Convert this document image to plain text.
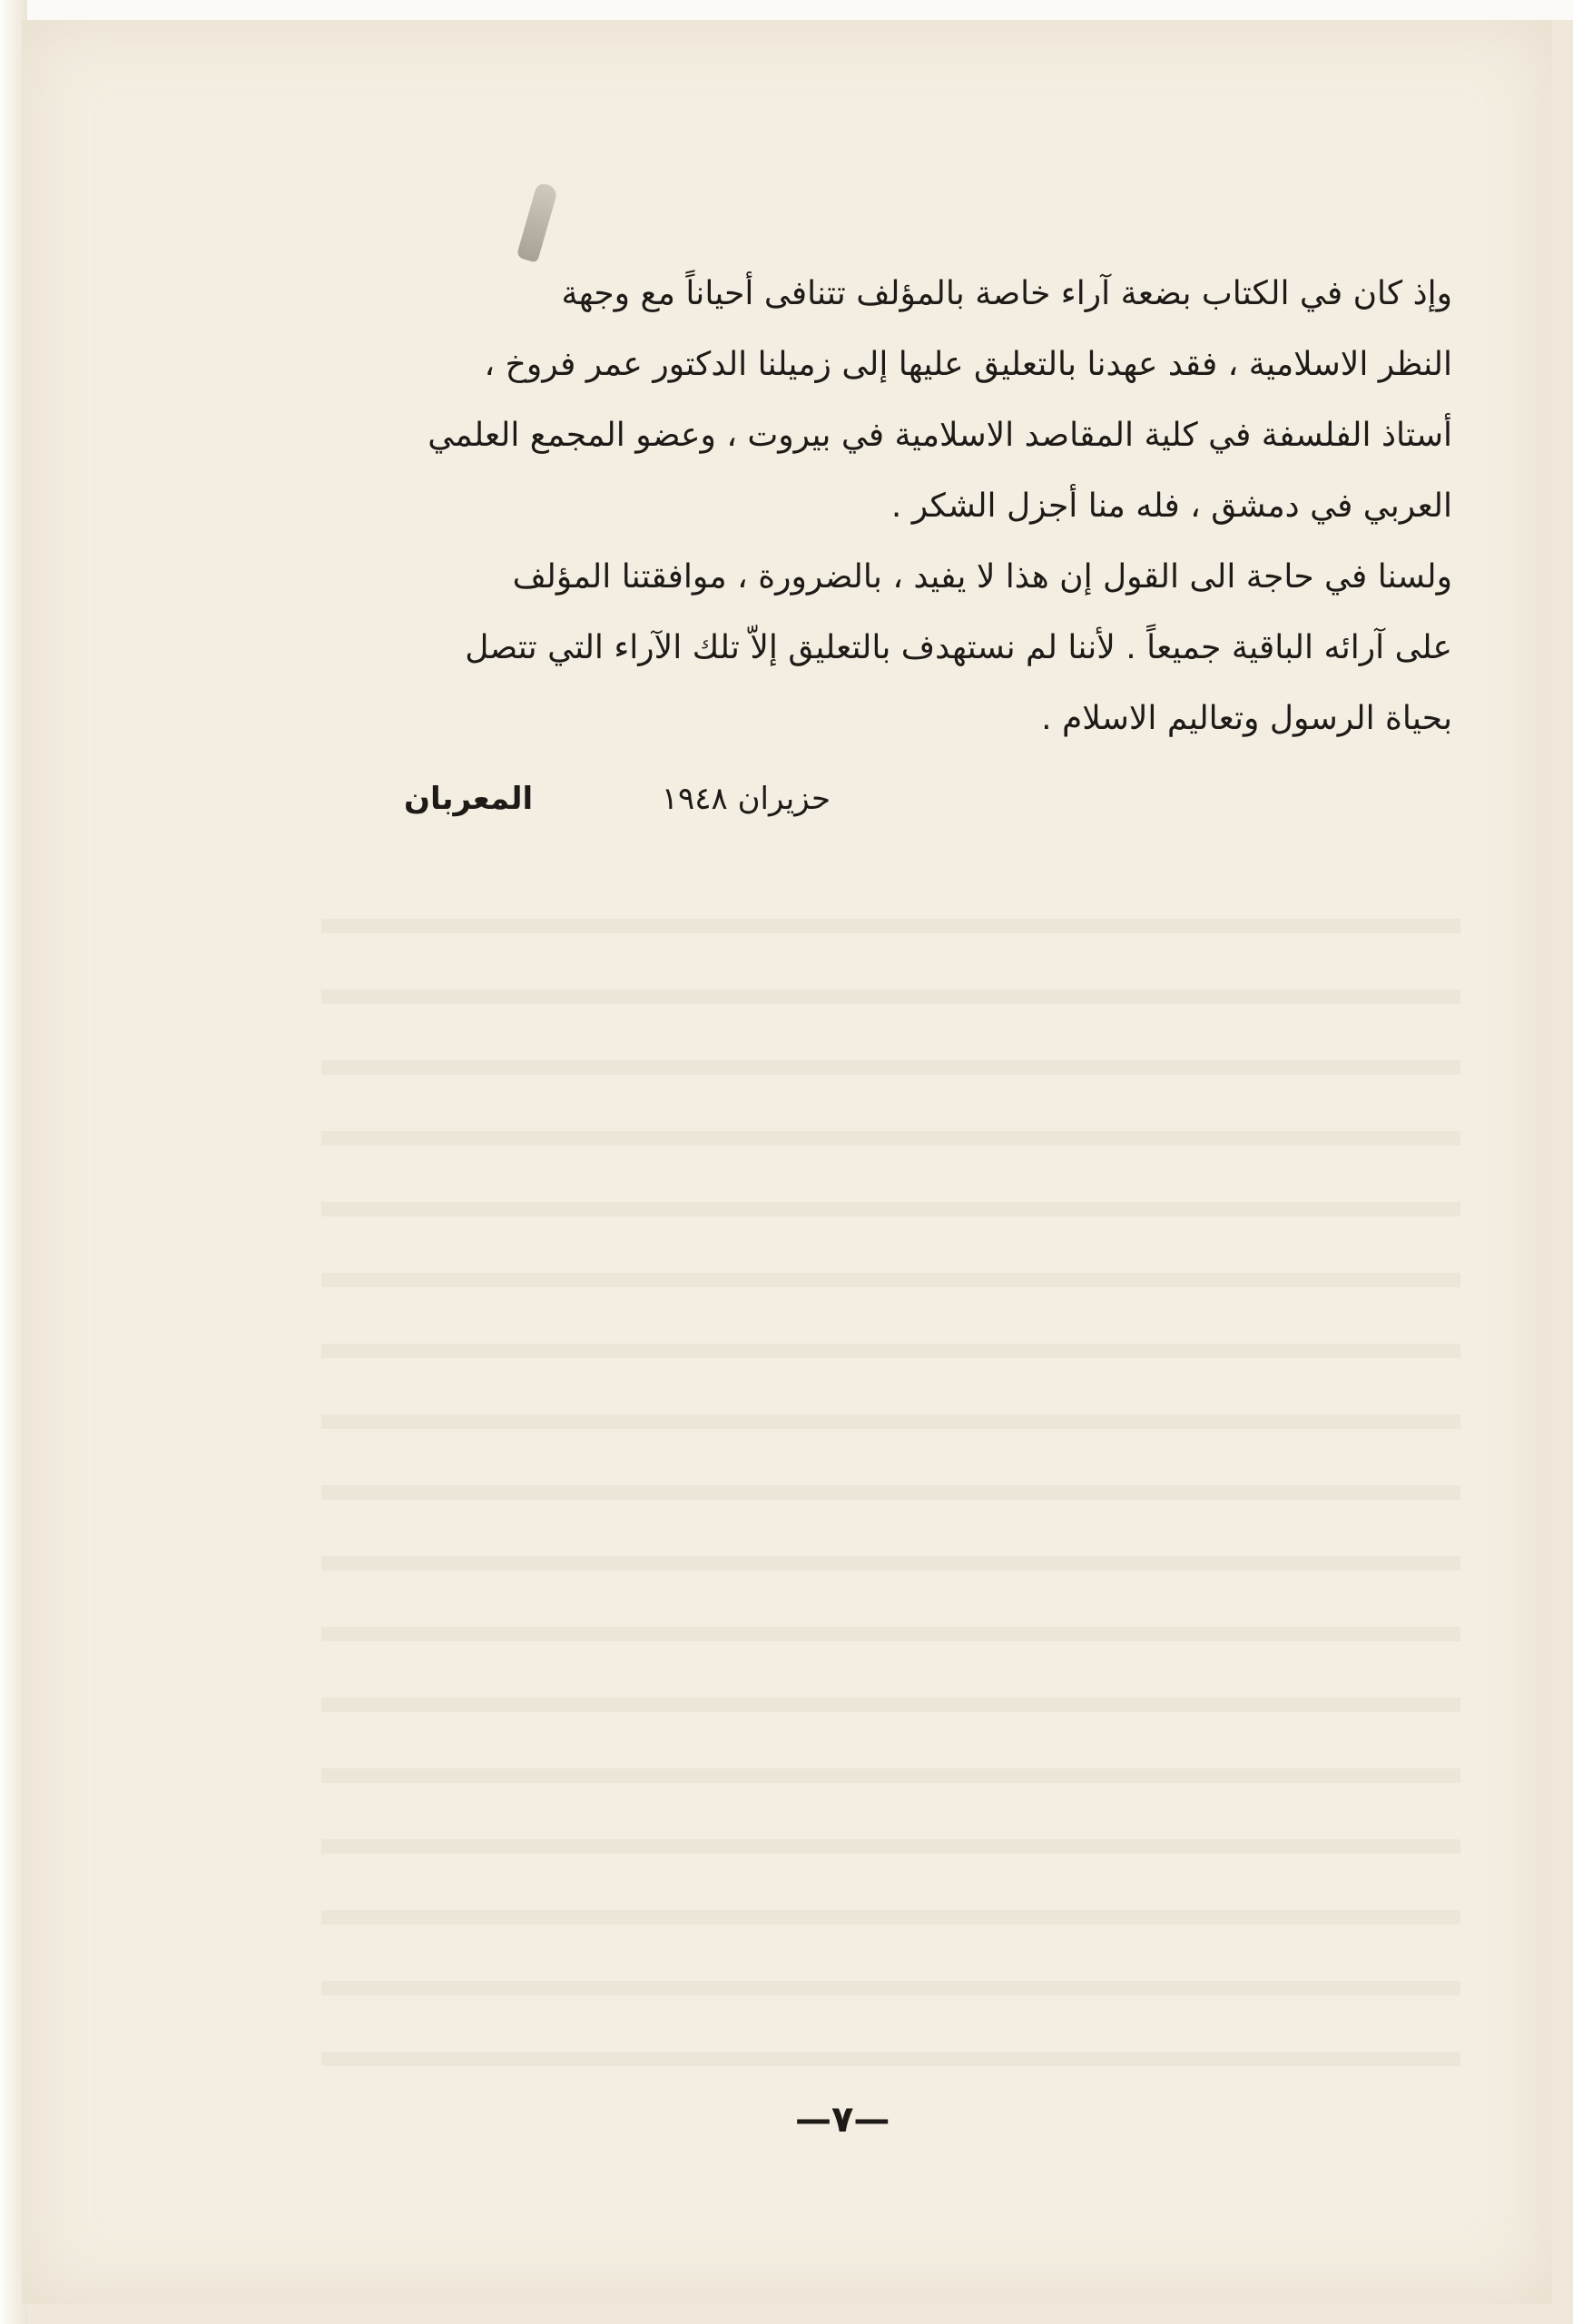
وإذ كان في الكتاب بضعة آراء خاصة بالمؤلف تتنافى أحياناً مع وجهة
النظر الاسلامية ، فقد عهدنا بالتعليق عليها إلى زميلنا الدكتور عمر فروخ ،
أستاذ الفلسفة في كلية المقاصد الاسلامية في بيروت ، وعضو المجمع العلمي
العربي في دمشق ، فله منا أجزل الشكر .
ولسنا في حاجة الى القول إن هذا لا يفيد ، بالضرورة ، موافقتنا المؤلف
على آرائه الباقية جميعاً . لأننا لم نستهدف بالتعليق إلاّ تلك الآراء التي تتصل
بحياة الرسول وتعاليم الاسلام .
حزيران ١٩٤٨
المعربان
—٧—
